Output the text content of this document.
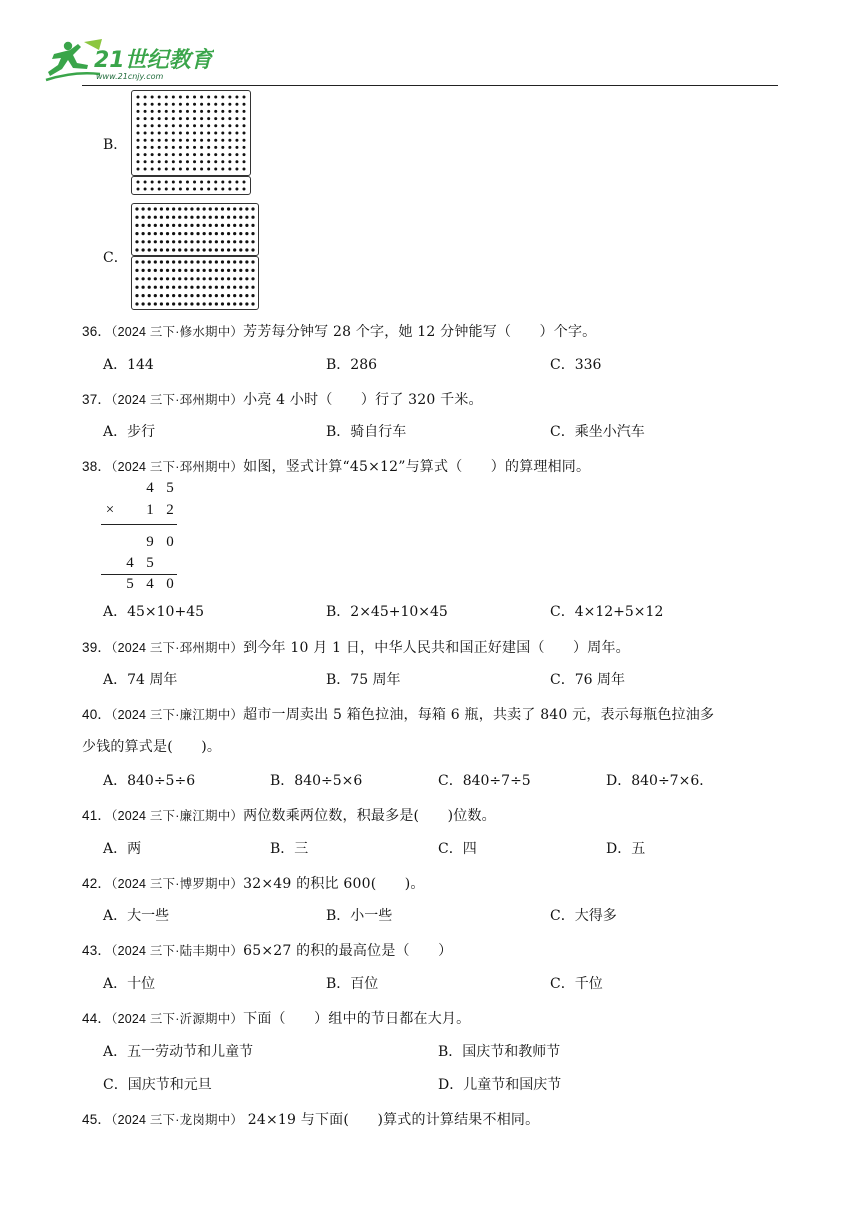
21世纪教育
www.21cnjy.com
B．
C．
36．（2024 三下·修水期中）芳芳每分钟写 28 个字，她 12 分钟能写（　　）个字。
A．144	B．286	C．336
37．（2024 三下·邳州期中）小亮 4 小时（　　）行了 320 千米。
A．步行	B．骑自行车	C．乘坐小汽车
38．（2024 三下·邳州期中）如图，竖式计算“45×12”与算式（　　）的算理相同。
4 5
× 1 2
9 0
4 5
5 4 0
A．45×10+45	B．2×45+10×45	C．4×12+5×12
39．（2024 三下·邳州期中）到今年 10 月 1 日，中华人民共和国正好建国（　　）周年。
A．74 周年	B．75 周年	C．76 周年
40．（2024 三下·廉江期中）超市一周卖出 5 箱色拉油，每箱 6 瓶，共卖了 840 元，表示每瓶色拉油多
少钱的算式是(　　)。
A．840÷5÷6	B．840÷5×6	C．840÷7÷5	D．840÷7×6．
41．（2024 三下·廉江期中）两位数乘两位数，积最多是(　　)位数。
A．两	B．三	C．四	D．五
42．（2024 三下·博罗期中）32×49 的积比 600(　　)。
A．大一些	B．小一些	C．大得多
43．（2024 三下·陆丰期中）65×27 的积的最高位是（　　）
A．十位	B．百位	C．千位
44．（2024 三下·沂源期中）下面（　　）组中的节日都在大月。
A．五一劳动节和儿童节	B．国庆节和教师节
C．国庆节和元旦	D．儿童节和国庆节
45．（2024 三下·龙岗期中） 24×19 与下面(　　)算式的计算结果不相同。
